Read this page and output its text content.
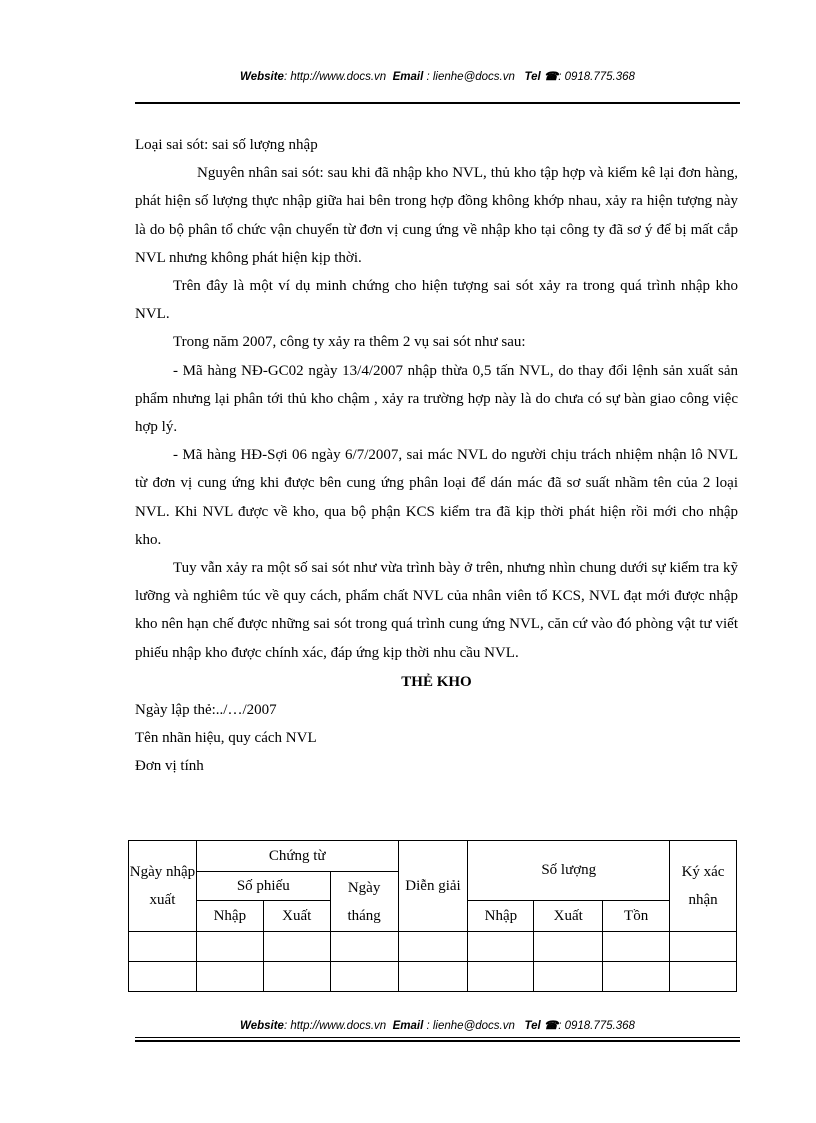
Website: http://www.docs.vn Email : lienhe@docs.vn Tel ☎: 0918.775.368

Loại sai sót: sai số lượng nhập

Nguyên nhân sai sót: sau khi đã nhập kho NVL, thủ kho tập hợp và kiểm kê lại đơn hàng, phát hiện số lượng thực nhập giữa hai bên trong hợp đồng không khớp nhau, xảy ra hiện tượng này là do bộ phân tổ chức vận chuyển từ đơn vị cung ứng về nhập kho tại công ty đã sơ ý để bị mất cắp NVL nhưng không phát hiện kịp thời.

Trên đây là một ví dụ minh chứng cho hiện tượng sai sót xảy ra trong quá trình nhập kho NVL.

Trong năm 2007, công ty xảy ra thêm 2 vụ sai sót như sau:

- Mã hàng NĐ-GC02 ngày 13/4/2007 nhập thừa 0,5 tấn NVL, do thay đổi lệnh sản xuất sản phẩm nhưng lại phân tới thủ kho chậm , xảy ra trường hợp này là do chưa có sự bàn giao công việc hợp lý.

- Mã hàng HĐ-Sợi 06 ngày 6/7/2007, sai mác NVL do người chịu trách nhiệm nhận lô NVL từ đơn vị cung ứng khi được bên cung ứng phân loại để dán mác đã sơ suất nhầm tên của 2 loại NVL. Khi NVL được về kho, qua bộ phận KCS kiểm tra đã kịp thời phát hiện rồi mới cho nhập kho.

Tuy vẫn xảy ra một số sai sót như vừa trình bày ở trên, nhưng nhìn chung dưới sự kiểm tra kỹ lưỡng và nghiêm túc về quy cách, phẩm chất NVL của nhân viên tổ KCS, NVL đạt mới được nhập kho nên hạn chế được những sai sót trong quá trình cung ứng NVL, căn cứ vào đó phòng vật tư viết phiếu nhập kho được chính xác, đáp ứng kịp thời nhu cầu NVL.

THẺ KHO

Ngày lập thẻ:../…/2007

Tên nhãn hiệu, quy cách NVL

Đơn vị tính

Ngày nhập xuất	Chứng từ			Diễn giải	Số lượng			Ký xác nhận
	Số phiếu		Ngày tháng					
	Nhập	Xuất			Nhập	Xuất	Tồn	

Website: http://www.docs.vn Email : lienhe@docs.vn Tel ☎: 0918.775.368
